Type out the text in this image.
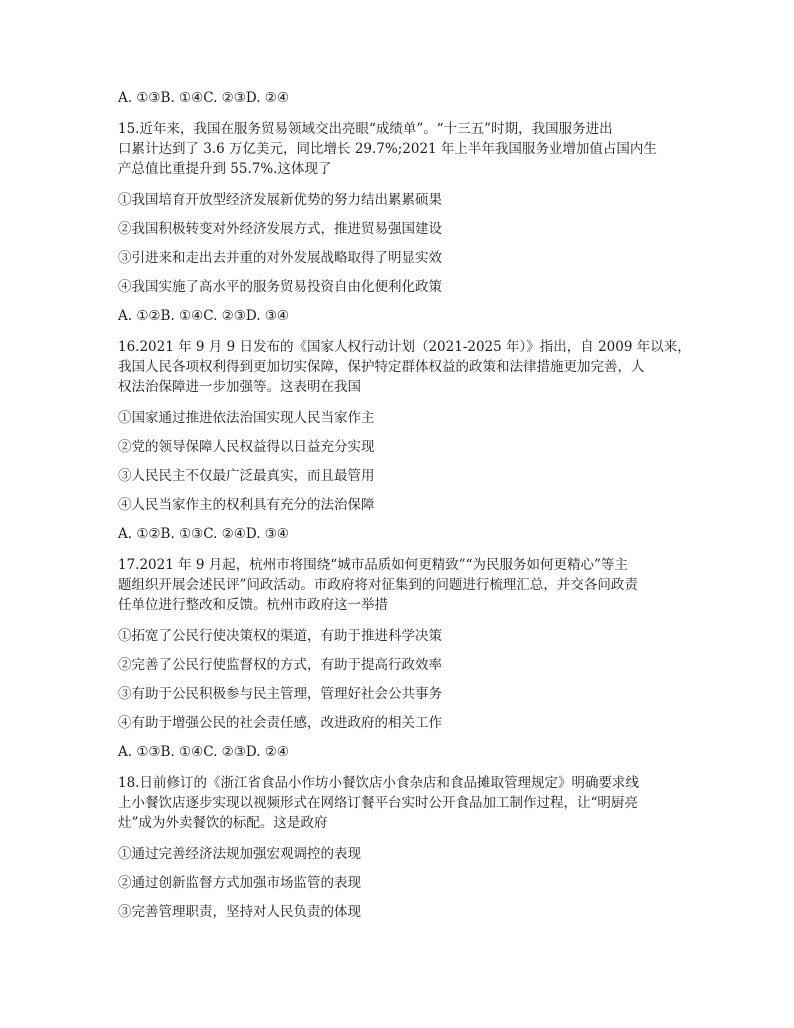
A. ①③B. ①④C. ②③D. ②④
15.近年来，我国在服务贸易领域交出亮眼“成绩单”。“十三五”时期，我国服务进出
口累计达到了 3.6 万亿美元，同比增长 29.7%;2021 年上半年我国服务业增加值占国内生
产总值比重提升到 55.7%.这体现了
①我国培育开放型经济发展新优势的努力结出累累硕果
②我国积极转变对外经济发展方式，推进贸易强国建设
③引进来和走出去并重的对外发展战略取得了明显实效
④我国实施了高水平的服务贸易投资自由化便利化政策
A. ①②B. ①④C. ②③D. ③④
16.2021 年 9 月 9 日发布的《国家人权行动计划（2021-2025 年）》指出，自 2009 年以来，
我国人民各项权利得到更加切实保障，保护特定群体权益的政策和法律措施更加完善，人
权法治保障进一步加强等。这表明在我国
①国家通过推进依法治国实现人民当家作主
②党的领导保障人民权益得以日益充分实现
③人民民主不仅最广泛最真实，而且最管用
④人民当家作主的权利具有充分的法治保障
A. ①②B. ①③C. ②④D. ③④
17.2021 年 9 月起，杭州市将围绕“城市品质如何更精致”“为民服务如何更精心”等主
题组织开展会述民评”问政活动。市政府将对征集到的问题进行梳理汇总，并交各问政责
任单位进行整改和反馈。杭州市政府这一举措
①拓宽了公民行使决策权的渠道，有助于推进科学决策
②完善了公民行使监督权的方式，有助于提高行政效率
③有助于公民积极参与民主管理，管理好社会公共事务
④有助于增强公民的社会责任感，改进政府的相关工作
A. ①③B. ①④C. ②③D. ②④
18.日前修订的《浙江省食品小作坊小餐饮店小食杂店和食品摊取管理规定》明确要求线
上小餐饮店逐步实现以视频形式在网络订餐平台实时公开食品加工制作过程，让“明厨亮
灶”成为外卖餐饮的标配。这是政府
①通过完善经济法规加强宏观调控的表现
②通过创新监督方式加强市场监管的表现
③完善管理职责，坚持对人民负责的体现
